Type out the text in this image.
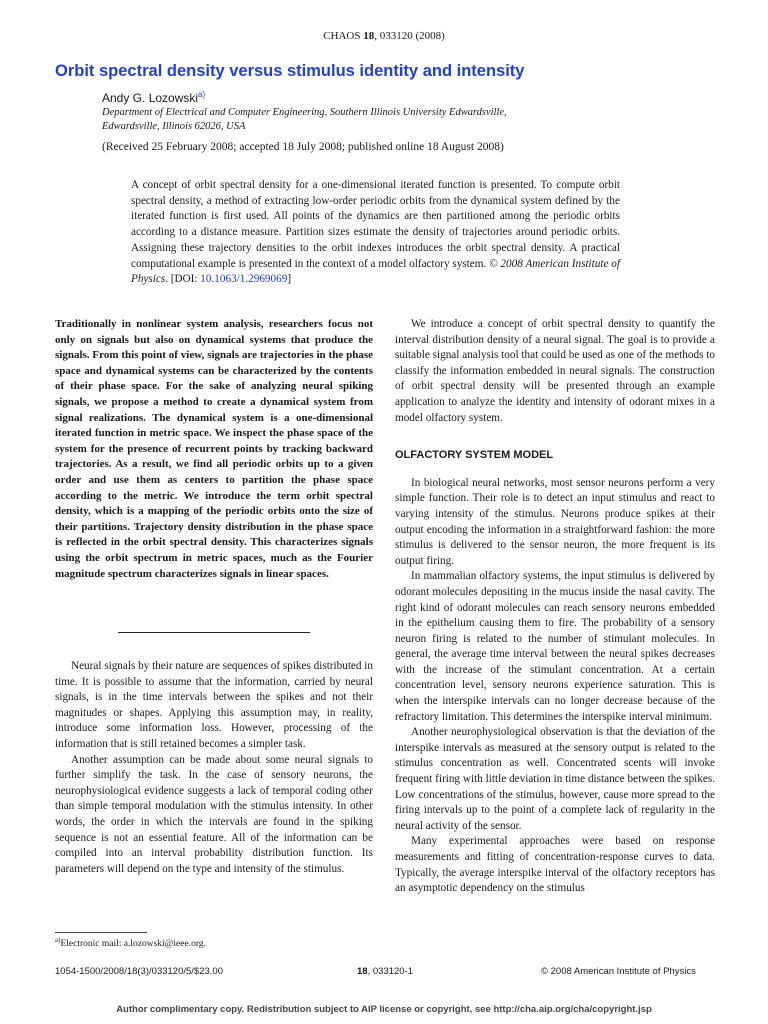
CHAOS 18, 033120 (2008)
Orbit spectral density versus stimulus identity and intensity
Andy G. Lozowski$^{a)}$
Department of Electrical and Computer Engineering, Southern Illinois University Edwardsville,
Edwardsville, Illinois 62026, USA
(Received 25 February 2008; accepted 18 July 2008; published online 18 August 2008)
A concept of orbit spectral density for a one-dimensional iterated function is presented. To compute orbit spectral density, a method of extracting low-order periodic orbits from the dynamical system defined by the iterated function is first used. All points of the dynamics are then partitioned among the periodic orbits according to a distance measure. Partition sizes estimate the density of trajectories around periodic orbits. Assigning these trajectory densities to the orbit indexes introduces the orbit spectral density. A practical computational example is presented in the context of a model olfactory system. © 2008 American Institute of Physics. [DOI: 10.1063/1.2969069]
Traditionally in nonlinear system analysis, researchers focus not only on signals but also on dynamical systems that produce the signals. From this point of view, signals are trajectories in the phase space and dynamical systems can be characterized by the contents of their phase space. For the sake of analyzing neural spiking signals, we propose a method to create a dynamical system from signal realizations. The dynamical system is a one-dimensional iterated function in metric space. We inspect the phase space of the system for the presence of recurrent points by tracking backward trajectories. As a result, we find all periodic orbits up to a given order and use them as centers to partition the phase space according to the metric. We introduce the term orbit spectral density, which is a mapping of the periodic orbits onto the size of their partitions. Trajectory density distribution in the phase space is reflected in the orbit spectral density. This characterizes signals using the orbit spectrum in metric spaces, much as the Fourier magnitude spectrum characterizes signals in linear spaces.

Neural signals by their nature are sequences of spikes distributed in time. It is possible to assume that the information, carried by neural signals, is in the time intervals between the spikes and not their magnitudes or shapes. Applying this assumption may, in reality, introduce some information loss. However, processing of the information that is still retained becomes a simpler task.

Another assumption can be made about some neural signals to further simplify the task. In the case of sensory neurons, the neurophysiological evidence suggests a lack of temporal coding other than simple temporal modulation with the stimulus intensity. In other words, the order in which the intervals are found in the spiking sequence is not an essential feature. All of the information can be compiled into an interval probability distribution function. Its parameters will depend on the type and intensity of the stimulus.

We introduce a concept of orbit spectral density to quantify the interval distribution density of a neural signal. The goal is to provide a suitable signal analysis tool that could be used as one of the methods to classify the information embedded in neural signals. The construction of orbit spectral density will be presented through an example application to analyze the identity and intensity of odorant mixes in a model olfactory system.

OLFACTORY SYSTEM MODEL

In biological neural networks, most sensor neurons perform a very simple function. Their role is to detect an input stimulus and react to varying intensity of the stimulus. Neurons produce spikes at their output encoding the information in a straightforward fashion: the more stimulus is delivered to the sensor neuron, the more frequent is its output firing.

In mammalian olfactory systems, the input stimulus is delivered by odorant molecules depositing in the mucus inside the nasal cavity. The right kind of odorant molecules can reach sensory neurons embedded in the epithelium causing them to fire. The probability of a sensory neuron firing is related to the number of stimulant molecules. In general, the average time interval between the neural spikes decreases with the increase of the stimulant concentration. At a certain concentration level, sensory neurons experience saturation. This is when the interspike intervals can no longer decrease because of the refractory limitation. This determines the interspike interval minimum.

Another neurophysiological observation is that the deviation of the interspike intervals as measured at the sensory output is related to the stimulus concentration as well. Concentrated scents will invoke frequent firing with little deviation in time distance between the spikes. Low concentrations of the stimulus, however, cause more spread to the firing intervals up to the point of a complete lack of regularity in the neural activity of the sensor.

Many experimental approaches were based on response measurements and fitting of concentration-response curves to data. Typically, the average interspike interval of the olfactory receptors has an asymptotic dependency on the stimulus

$^{a)}$Electronic mail: a.lozowski@ieee.org.
1054-1500/2008/18(3)/033120/5/$23.00	18, 033120-1	© 2008 American Institute of Physics
Author complimentary copy. Redistribution subject to AIP license or copyright, see http://cha.aip.org/cha/copyright.jsp
